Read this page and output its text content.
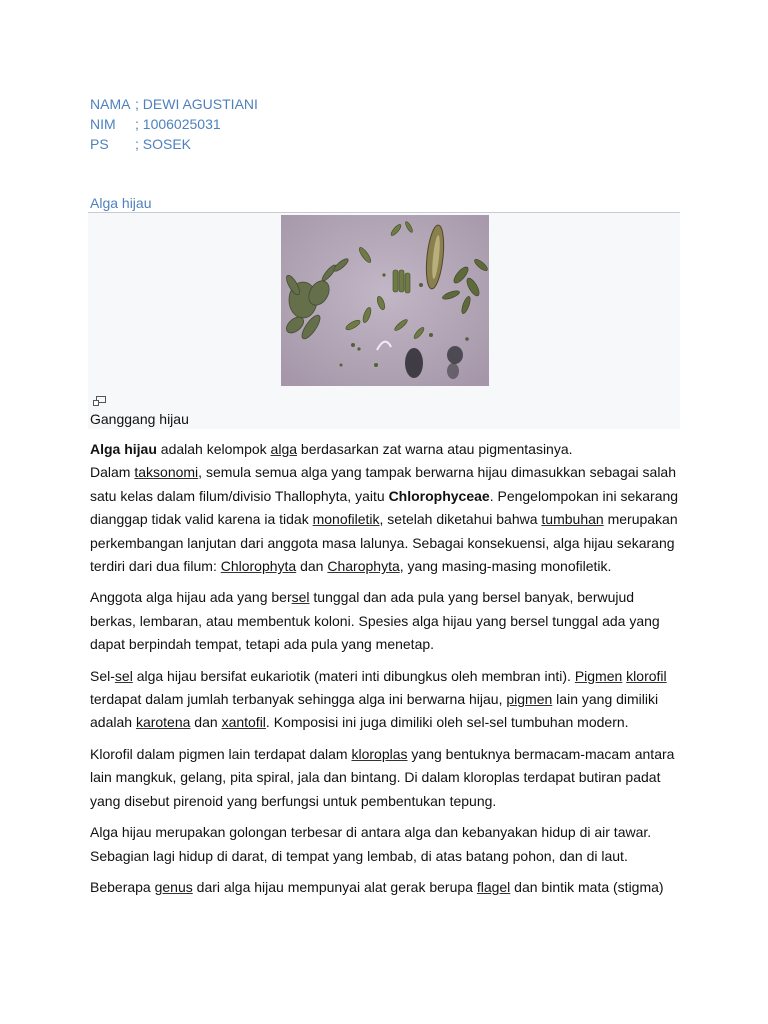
NAMA ; DEWI AGUSTIANI
NIM	; 1006025031
PS	; SOSEK
Alga hijau
Ganggang hijau

Alga hijau adalah kelompok alga berdasarkan zat warna atau pigmentasinya.
Dalam taksonomi, semula semua alga yang tampak berwarna hijau dimasukkan sebagai salah satu kelas dalam filum/divisio Thallophyta, yaitu Chlorophyceae. Pengelompokan ini sekarang dianggap tidak valid karena ia tidak monofiletik, setelah diketahui bahwa tumbuhan merupakan perkembangan lanjutan dari anggota masa lalunya. Sebagai konsekuensi, alga hijau sekarang terdiri dari dua filum: Chlorophyta dan Charophyta, yang masing-masing monofiletik.

Anggota alga hijau ada yang bersel tunggal dan ada pula yang bersel banyak, berwujud berkas, lembaran, atau membentuk koloni. Spesies alga hijau yang bersel tunggal ada yang dapat berpindah tempat, tetapi ada pula yang menetap.

Sel-sel alga hijau bersifat eukariotik (materi inti dibungkus oleh membran inti). Pigmen klorofil terdapat dalam jumlah terbanyak sehingga alga ini berwarna hijau, pigmen lain yang dimiliki adalah karotena dan xantofil. Komposisi ini juga dimiliki oleh sel-sel tumbuhan modern.

Klorofil dalam pigmen lain terdapat dalam kloroplas yang bentuknya bermacam-macam antara lain mangkuk, gelang, pita spiral, jala dan bintang. Di dalam kloroplas terdapat butiran padat yang disebut pirenoid yang berfungsi untuk pembentukan tepung.

Alga hijau merupakan golongan terbesar di antara alga dan kebanyakan hidup di air tawar. Sebagian lagi hidup di darat, di tempat yang lembab, di atas batang pohon, dan di laut.

Beberapa genus dari alga hijau mempunyai alat gerak berupa flagel dan bintik mata (stigma)
